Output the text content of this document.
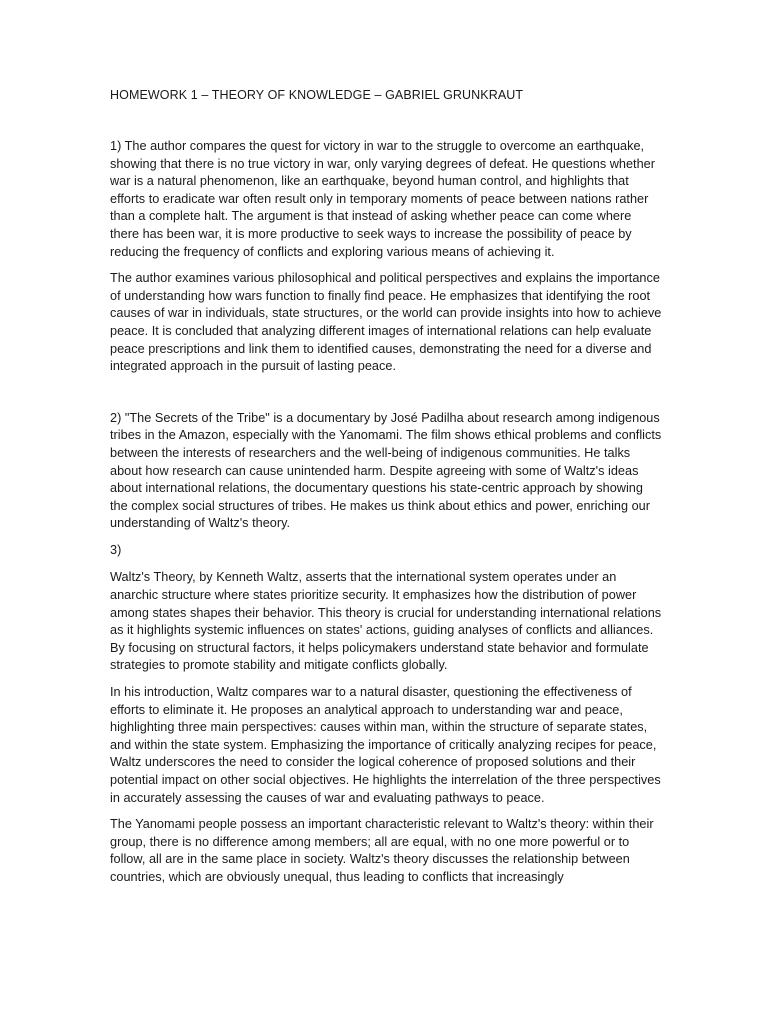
HOMEWORK 1 – THEORY OF KNOWLEDGE – GABRIEL GRUNKRAUT

1) The author compares the quest for victory in war to the struggle to overcome an earthquake, showing that there is no true victory in war, only varying degrees of defeat. He questions whether war is a natural phenomenon, like an earthquake, beyond human control, and highlights that efforts to eradicate war often result only in temporary moments of peace between nations rather than a complete halt. The argument is that instead of asking whether peace can come where there has been war, it is more productive to seek ways to increase the possibility of peace by reducing the frequency of conflicts and exploring various means of achieving it.

The author examines various philosophical and political perspectives and explains the importance of understanding how wars function to finally find peace. He emphasizes that identifying the root causes of war in individuals, state structures, or the world can provide insights into how to achieve peace. It is concluded that analyzing different images of international relations can help evaluate peace prescriptions and link them to identified causes, demonstrating the need for a diverse and integrated approach in the pursuit of lasting peace.

2) "The Secrets of the Tribe" is a documentary by José Padilha about research among indigenous tribes in the Amazon, especially with the Yanomami. The film shows ethical problems and conflicts between the interests of researchers and the well-being of indigenous communities. He talks about how research can cause unintended harm. Despite agreeing with some of Waltz's ideas about international relations, the documentary questions his state-centric approach by showing the complex social structures of tribes. He makes us think about ethics and power, enriching our understanding of Waltz's theory.

3)

Waltz's Theory, by Kenneth Waltz, asserts that the international system operates under an anarchic structure where states prioritize security. It emphasizes how the distribution of power among states shapes their behavior. This theory is crucial for understanding international relations as it highlights systemic influences on states' actions, guiding analyses of conflicts and alliances. By focusing on structural factors, it helps policymakers understand state behavior and formulate strategies to promote stability and mitigate conflicts globally.

In his introduction, Waltz compares war to a natural disaster, questioning the effectiveness of efforts to eliminate it. He proposes an analytical approach to understanding war and peace, highlighting three main perspectives: causes within man, within the structure of separate states, and within the state system. Emphasizing the importance of critically analyzing recipes for peace, Waltz underscores the need to consider the logical coherence of proposed solutions and their potential impact on other social objectives. He highlights the interrelation of the three perspectives in accurately assessing the causes of war and evaluating pathways to peace.

The Yanomami people possess an important characteristic relevant to Waltz's theory: within their group, there is no difference among members; all are equal, with no one more powerful or to follow, all are in the same place in society. Waltz's theory discusses the relationship between countries, which are obviously unequal, thus leading to conflicts that increasingly
